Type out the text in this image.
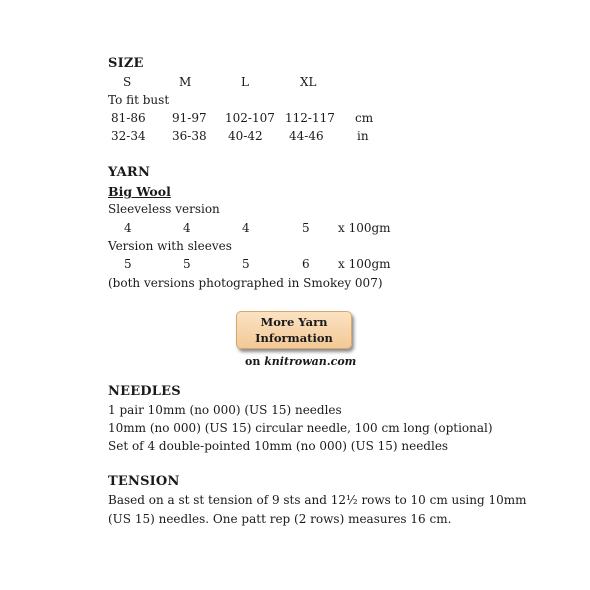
SIZE
S	M	L	XL
To fit bust
81-86 91-97 102-107 112-117 cm
32-34 36-38 40-42 44-46	in
YARN
Big Wool
Sleeveless version
4	4	4	5 x 100gm
Version with sleeves
5	5	5	6 x 100gm
(both versions photographed in Smokey 007)
More Yarn
Information
on knitrowan.com
NEEDLES
1 pair 10mm (no 000) (US 15) needles
10mm (no 000) (US 15) circular needle, 100 cm long (optional)
Set of 4 double-pointed 10mm (no 000) (US 15) needles
TENSION
Based on a st st tension of 9 sts and 12½ rows to 10 cm using 10mm
(US 15) needles. One patt rep (2 rows) measures 16 cm.
